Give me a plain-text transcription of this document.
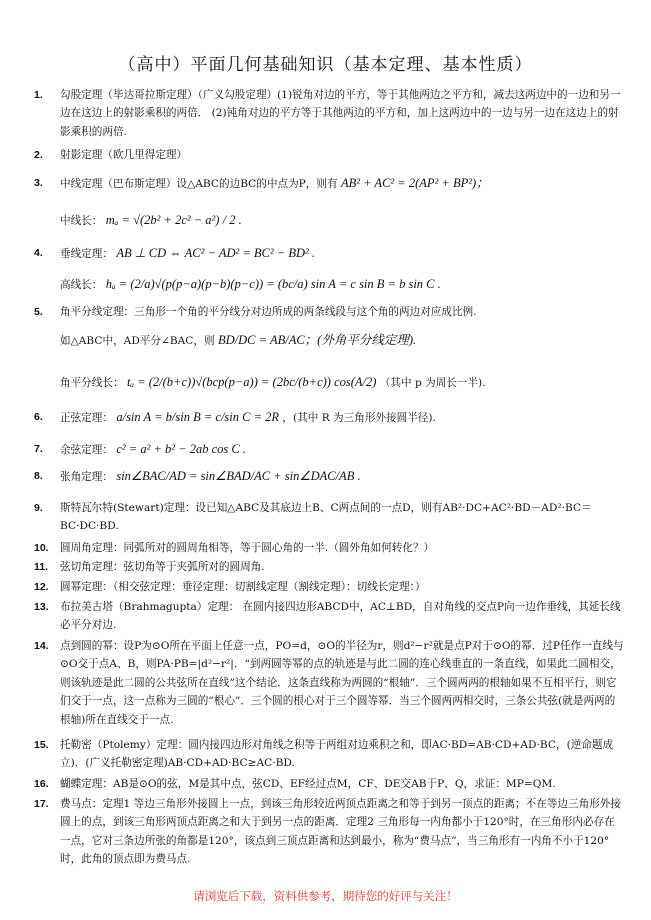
（高中）平面几何基础知识（基本定理、基本性质）
1.	勾股定理（毕达哥拉斯定理）（广义勾股定理）(1)锐角对边的平方，等于其他两边之平方和，减去这两边中的一边和另一边在这边上的射影乘积的两倍． (2)钝角对边的平方等于其他两边的平方和，加上这两边中的一边与另一边在这边上的射影乘积的两倍.
2.	射影定理（欧几里得定理）
3.	中线定理（巴布斯定理）设△ABC的边BC的中点为P，则有 AB² + AC² = 2(AP² + BP²)；
中线长： mₐ = √(2b² + 2c² − a²) / 2 .
4.	垂线定理： AB ⊥ CD ⇔ AC² − AD² = BC² − BD² .
高线长： hₐ = (2/a)√(p(p−a)(p−b)(p−c)) = (bc/a) sin A = c sin B = b sin C .
5.	角平分线定理：三角形一个角的平分线分对边所成的两条线段与这个角的两边对应成比例.
如△ABC中，AD平分∠BAC，则 BD/DC = AB/AC；(外角平分线定理).
角平分线长： tₐ = (2/(b+c))√(bcp(p−a)) = (2bc/(b+c)) cos(A/2) （其中 p 为周长一半).
6.	正弦定理： a/sin A = b/sin B = c/sin C = 2R ，(其中 R 为三角形外接圆半径).
7.	余弦定理： c² = a² + b² − 2ab cos C .
8.	张角定理： sin∠BAC/AD = sin∠BAD/AC + sin∠DAC/AB .
9.	斯特瓦尔特(Stewart)定理：设已知△ABC及其底边上B、C两点间的一点D，则有AB²·DC+AC²·BD－AD²·BC＝BC·DC·BD.
10.	圆周角定理：同弧所对的圆周角相等，等于圆心角的一半.（圆外角如何转化？）
11.	弦切角定理：弦切角等于夹弧所对的圆周角.
12.	圆幂定理：（相交弦定理：垂径定理：切割线定理（割线定理）：切线长定理：）
13.	布拉美古塔（Brahmagupta）定理： 在圆内接四边形ABCD中，AC⊥BD，自对角线的交点P向一边作垂线，其延长线必平分对边.
14.	点到圆的幂：设P为⊙O所在平面上任意一点，PO=d，⊙O的半径为r，则d²−r²就是点P对于⊙O的幂．过P任作一直线与⊙O交于点A、B，则PA·PB=|d²−r²|．“到两圆等幂的点的轨迹是与此二圆的连心线垂直的一条直线，如果此二圆相交，则该轨迹是此二圆的公共弦所在直线”这个结论．这条直线称为两圆的“根轴”．三个圆两两的根轴如果不互相平行，则它们交于一点，这一点称为三圆的“根心”．三个圆的根心对于三个圆等幂．当三个圆两两相交时，三条公共弦(就是两两的根轴)所在直线交于一点.
15.	托勒密（Ptolemy）定理：圆内接四边形对角线之积等于两组对边乘积之和，即AC·BD=AB·CD+AD·BC，(逆命题成立)．(广义托勒密定理)AB·CD+AD·BC≥AC·BD.
16.	蝴蝶定理：AB是⊙O的弦，M是其中点，弦CD、EF经过点M，CF、DE交AB于P、Q，求证：MP=QM.
17.	费马点：定理1 等边三角形外接圆上一点，到该三角形较近两顶点距离之和等于到另一顶点的距离；不在等边三角形外接圆上的点，到该三角形两顶点距离之和大于到另一点的距离．定理2 三角形每一内角都小于120°时，在三角形内必存在一点，它对三条边所张的角都是120°，该点到三顶点距离和达到最小，称为“费马点”，当三角形有一内角不小于120°时，此角的顶点即为费马点.
请浏览后下载，资料供参考，期待您的好评与关注！
